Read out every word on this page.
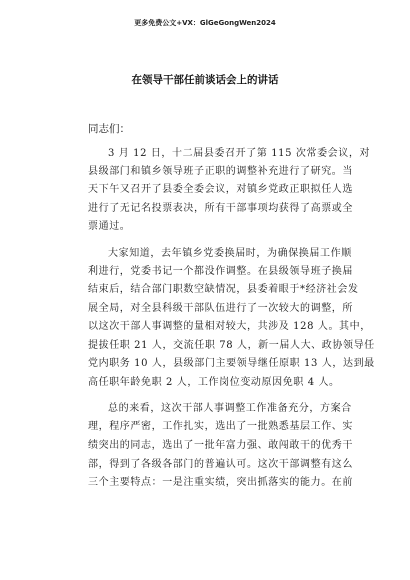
更多免费公文+VX：GlGeGongWen2024
在领导干部任前谈话会上的讲话
同志们：
3 月 12 日，十二届县委召开了第 115 次常委会议，对
县级部门和镇乡领导班子正职的调整补充进行了研究。当
天下午又召开了县委全委会议，对镇乡党政正职拟任人选
进行了无记名投票表决，所有干部事项均获得了高票或全
票通过。
大家知道，去年镇乡党委换届时，为确保换届工作顺
利进行，党委书记一个都没作调整。在县级领导班子换届
结束后，结合部门职数空缺情况，县委着眼于*经济社会发
展全局，对全县科级干部队伍进行了一次较大的调整，所
以这次干部人事调整的量相对较大，共涉及 128 人。其中，
提拔任职 21 人，交流任职 78 人，新一届人大、政协领导任
党内职务 10 人，县级部门主要领导继任原职 13 人，达到最
高任职年龄免职 2 人，工作岗位变动原因免职 4 人。
总的来看，这次干部人事调整工作准备充分，方案合
理，程序严密，工作扎实，选出了一批熟悉基层工作、实
绩突出的同志，选出了一批年富力强、敢闯敢干的优秀干
部，得到了各级各部门的普遍认可。这次干部调整有这么
三个主要特点：一是注重实绩，突出抓落实的能力。在前
